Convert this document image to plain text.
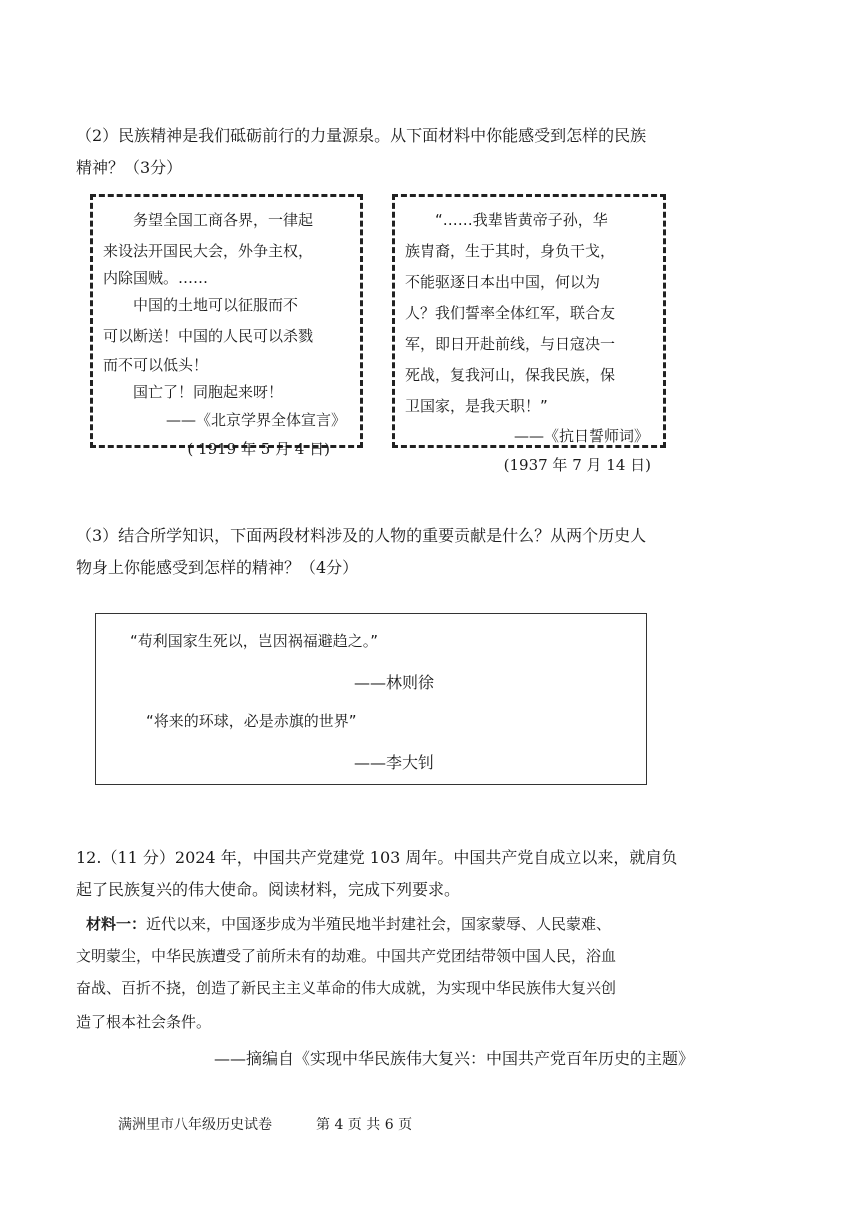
（2）民族精神是我们砥砺前行的力量源泉。从下面材料中你能感受到怎样的民族
精神？（3分）
务望全国工商各界，一律起
来设法开国民大会，外争主权，
内除国贼。……
中国的土地可以征服而不
可以断送！中国的人民可以杀戮
而不可以低头！
国亡了！同胞起来呀！
——《北京学界全体宣言》
( 1919 年 5 月 4 日)
“……我辈皆黄帝子孙，华
族胄裔，生于其时，身负干戈，
不能驱逐日本出中国，何以为
人？我们誓率全体红军，联合友
军，即日开赴前线，与日寇决一
死战，复我河山，保我民族，保
卫国家，是我天职！”
——《抗日誓师词》
(1937 年 7 月 14 日)
（3）结合所学知识，下面两段材料涉及的人物的重要贡献是什么？从两个历史人
物身上你能感受到怎样的精神？（4分）
“苟利国家生死以，岂因祸福避趋之。”
——林则徐
“将来的环球，必是赤旗的世界”
——李大钊
12.（11 分）2024 年，中国共产党建党 103 周年。中国共产党自成立以来，就肩负
起了民族复兴的伟大使命。阅读材料，完成下列要求。
材料一：近代以来，中国逐步成为半殖民地半封建社会，国家蒙辱、人民蒙难、
文明蒙尘，中华民族遭受了前所未有的劫难。中国共产党团结带领中国人民，浴血
奋战、百折不挠，创造了新民主主义革命的伟大成就，为实现中华民族伟大复兴创
造了根本社会条件。
——摘编自《实现中华民族伟大复兴：中国共产党百年历史的主题》
满洲里市八年级历史试卷	第 4 页 共 6 页
